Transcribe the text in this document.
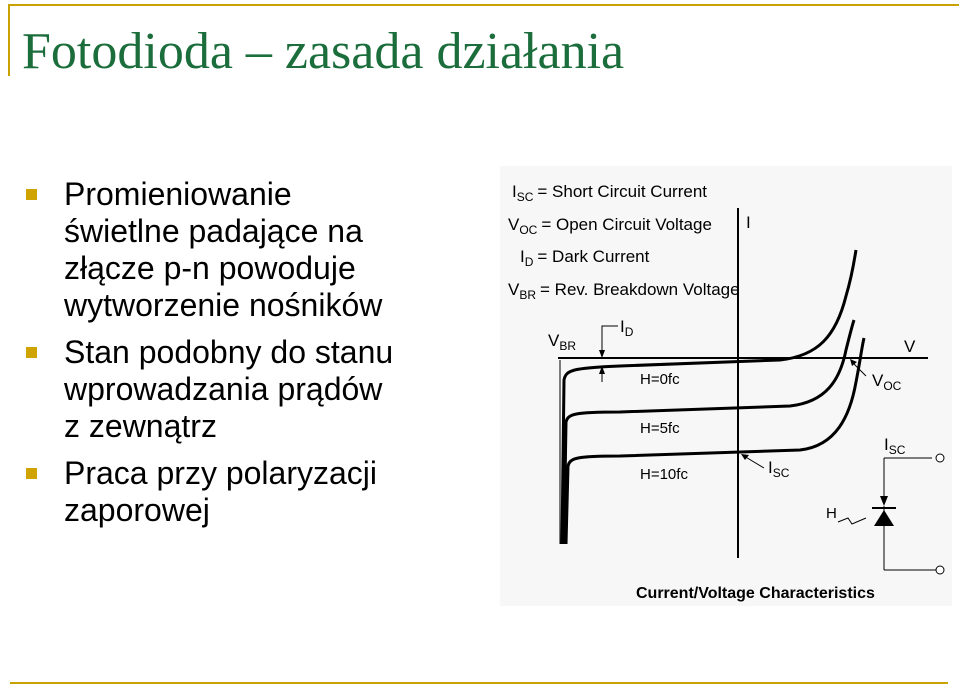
Fotodioda – zasada działania
Promieniowanie
świetlne padające na
złącze p-n powoduje
wytworzenie nośników
Stan podobny do stanu
wprowadzania prądów
z zewnątrz
Praca przy polaryzacji
zaporowej
$I_{SC}$ = Short Circuit Current
$V_{OC}$ = Open Circuit Voltage
$I_D$ = Dark Current
$V_{BR}$ = Rev. Breakdown Voltage
I
V
$V_{BR}$
$I_D$
H=0fc
H=5fc
H=10fc
$V_{OC}$
$I_{SC}$
$I_{SC}$
H
Current/Voltage Characteristics
